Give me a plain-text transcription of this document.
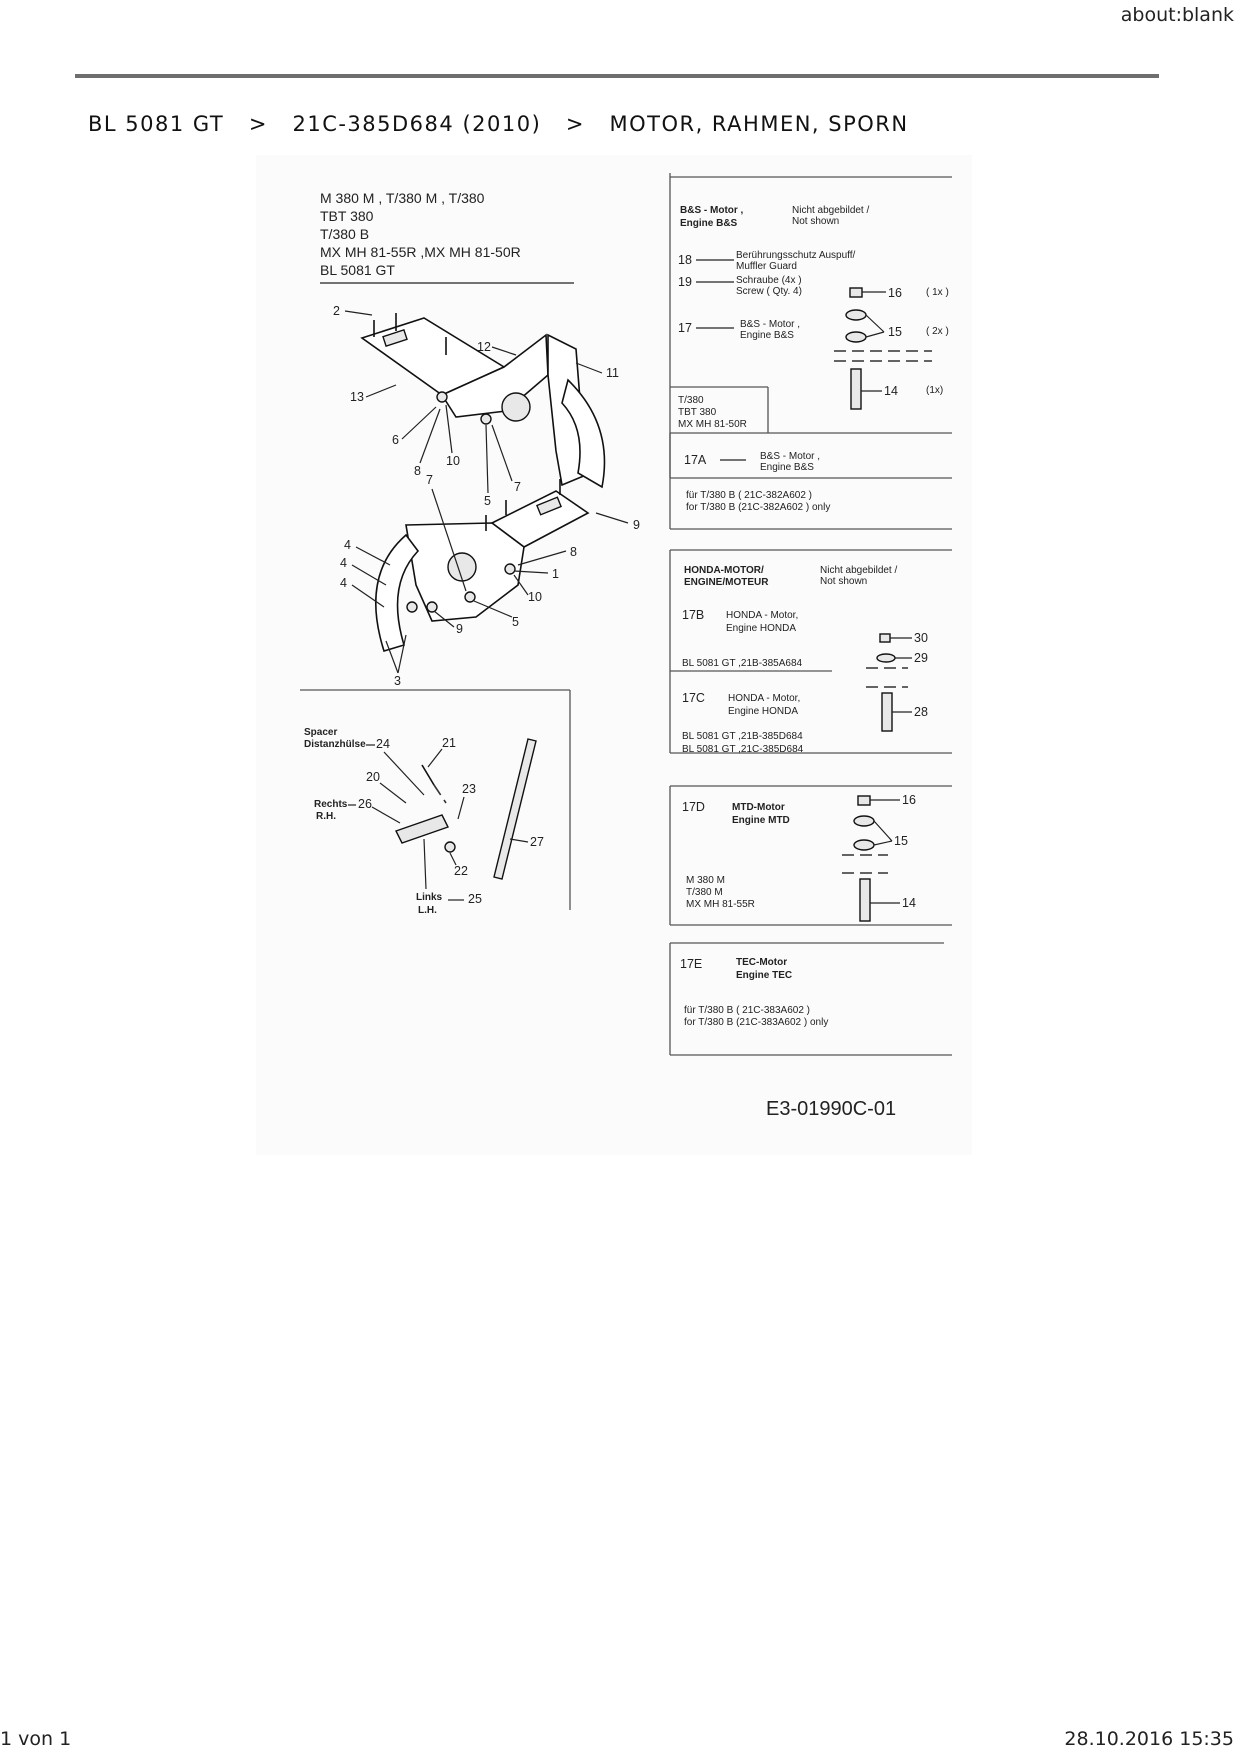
about:blank
BL 5081 GT > 21C-385D684 (2010) > MOTOR, RAHMEN, SPORN
M 380 M , T/380 M , T/380
TBT 380
T/380 B
MX MH 81-55R ,MX MH 81-50R
BL 5081 GT
2
12
11
13
6
8
10
5
7
7
9
8
1
10
5
4
4
4
9
3
Spacer
Distanzhülse 24	21
20
23
Rechts
R.H.
26
27
22
Links
L.H.
25
B&S - Motor ,
Engine B&S
Nicht abgebildet /
Not shown
18	Berührungsschutz Auspuff/
Muffler Guard
19	Schraube (4x )
Screw ( Qty. 4)
17	B&S - Motor ,
Engine B&S
16 ( 1x )
15 ( 2x )
14	(1x)
T/380
TBT 380
MX MH 81-50R
17A	B&S - Motor ,
Engine B&S
für T/380 B ( 21C-382A602 )
for T/380 B (21C-382A602 ) only
HONDA-MOTOR/
ENGINE/MOTEUR
Nicht abgebildet /
Not shown
17B HONDA - Motor,
Engine HONDA
BL 5081 GT ,21B-385A684
30
29
28
17C HONDA - Motor,
Engine HONDA
BL 5081 GT ,21B-385D684
BL 5081 GT ,21C-385D684
17D	MTD-Motor
Engine MTD
16
15
14
M 380 M
T/380 M
MX MH 81-55R
17E	TEC-Motor
Engine TEC
für T/380 B ( 21C-383A602 )
for T/380 B (21C-383A602 ) only
E3-01990C-01
1 von 1	28.10.2016 15:35
